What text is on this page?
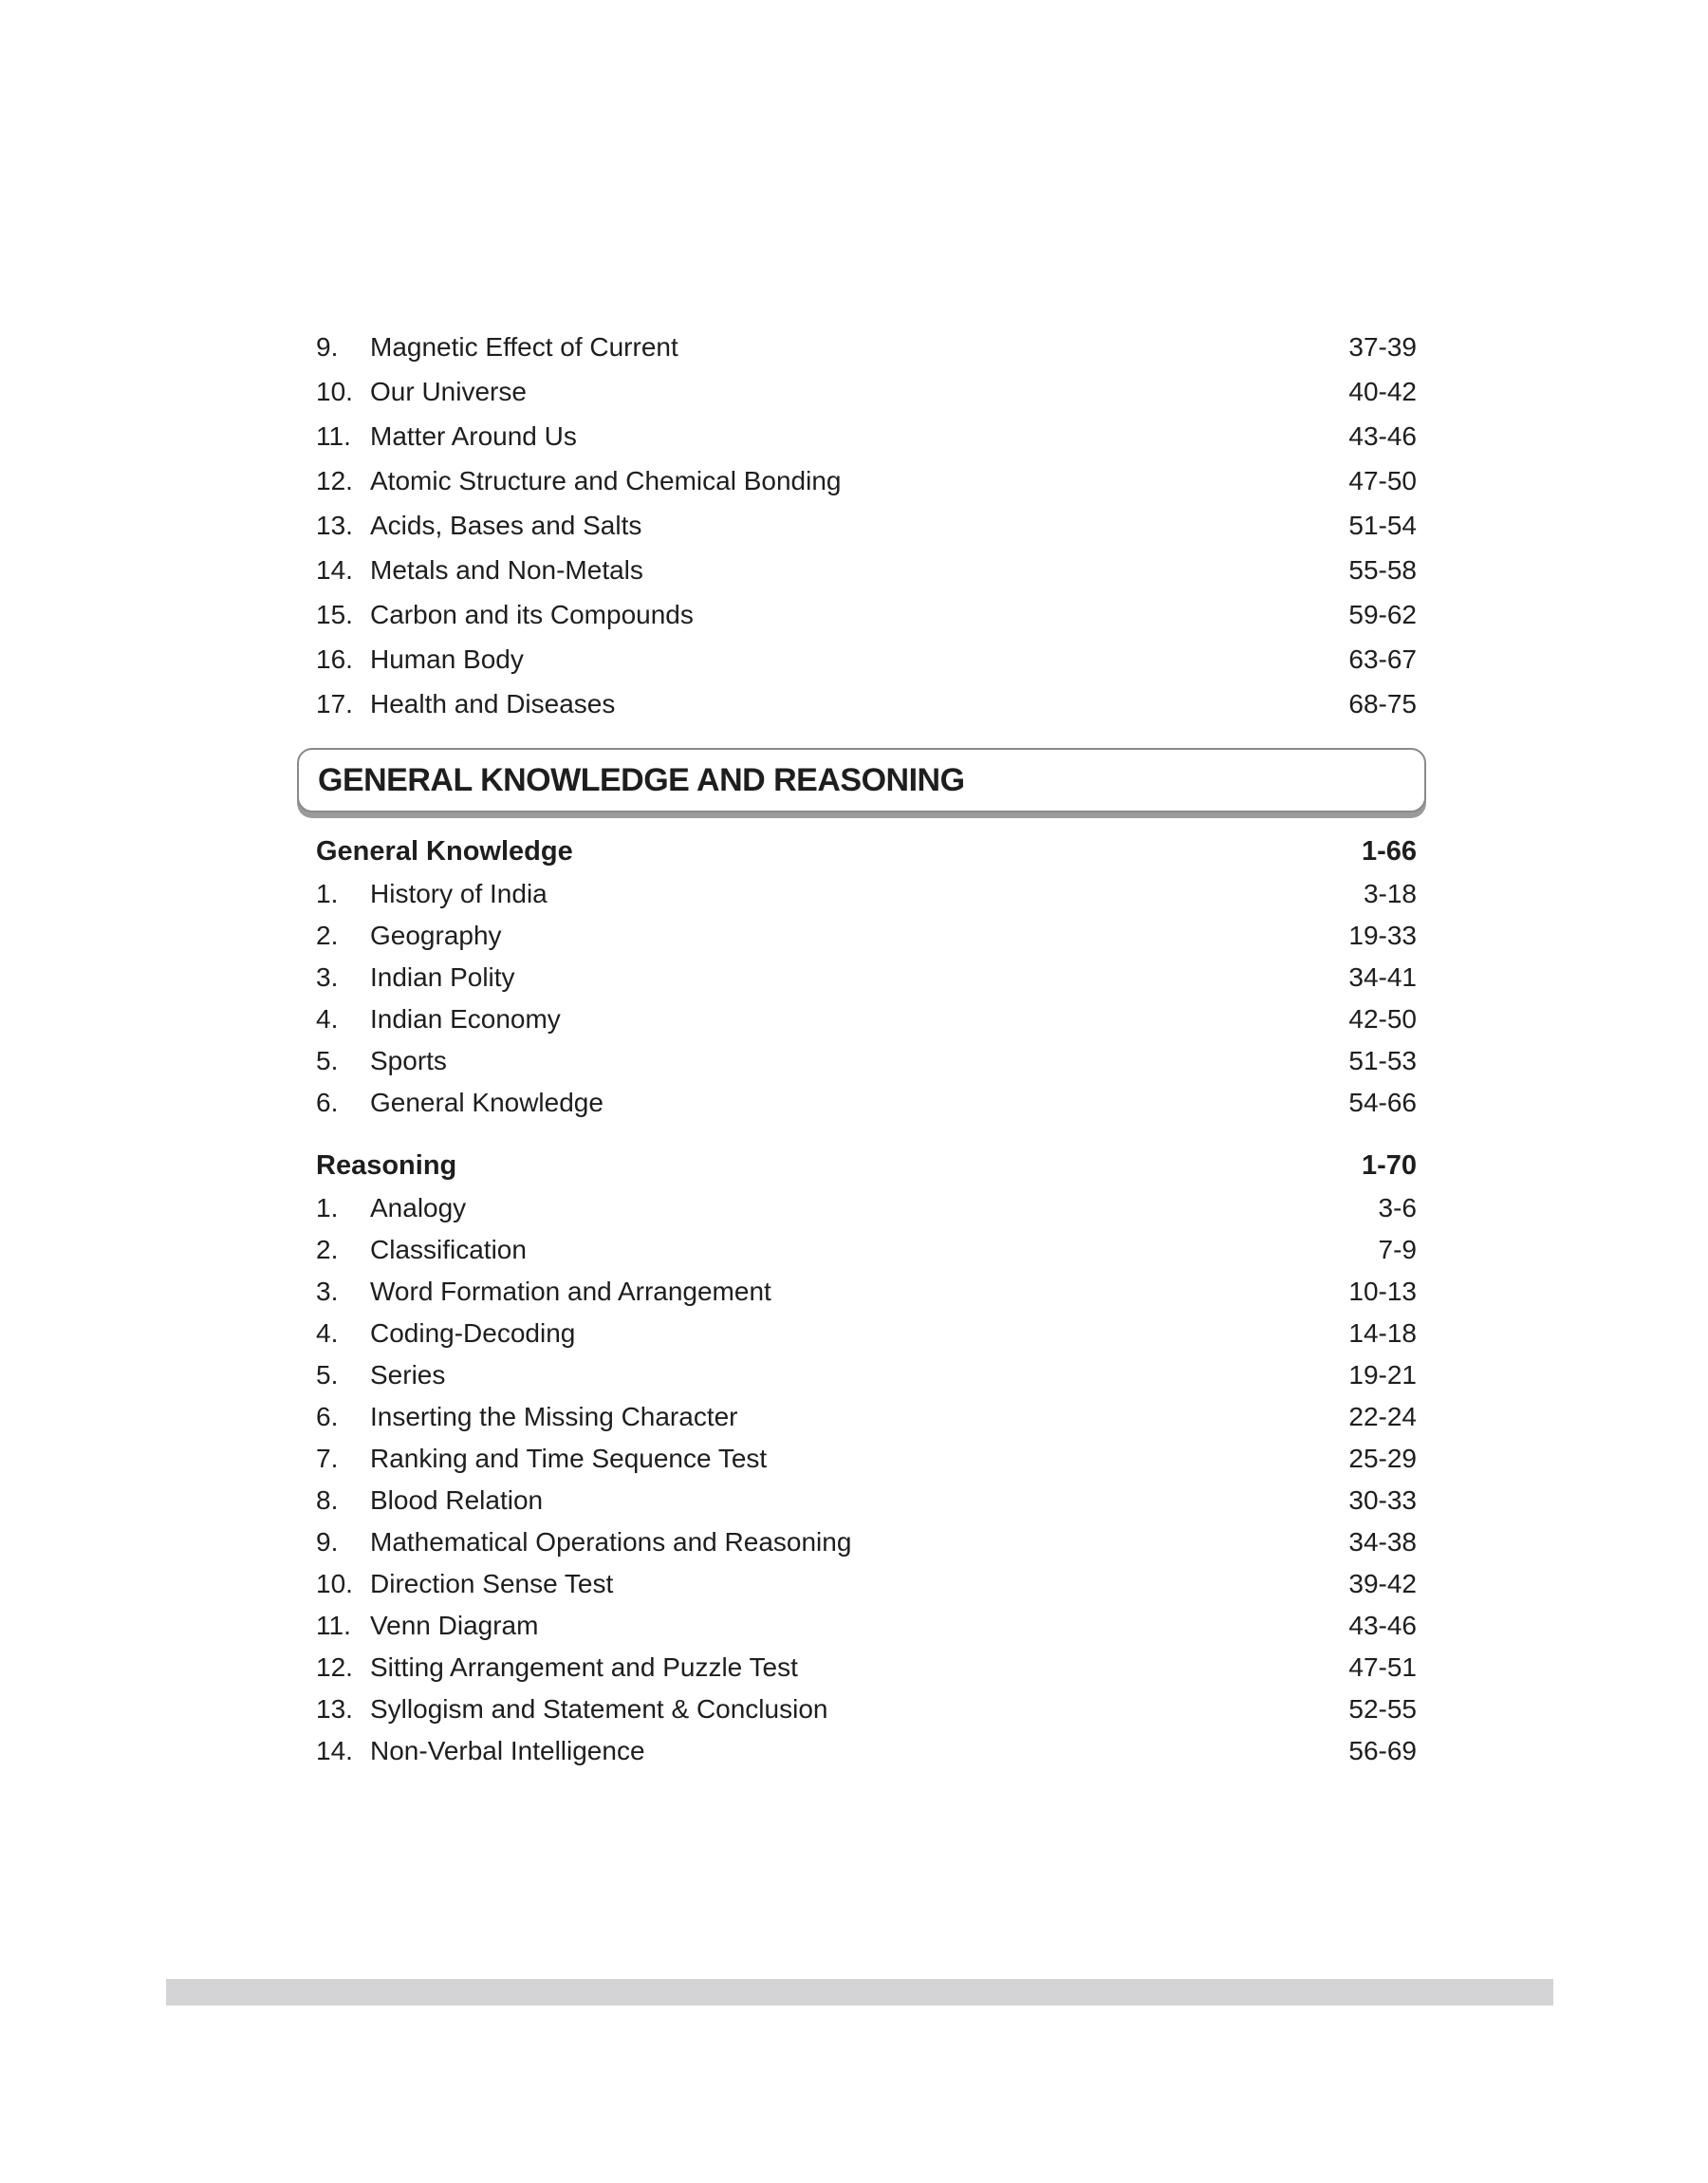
9. Magnetic Effect of Current	37-39
10. Our Universe	40-42
11. Matter Around Us	43-46
12. Atomic Structure and Chemical Bonding	47-50
13. Acids, Bases and Salts	51-54
14. Metals and Non-Metals	55-58
15. Carbon and its Compounds	59-62
16. Human Body	63-67
17. Health and Diseases	68-75
GENERAL KNOWLEDGE AND REASONING
General Knowledge	1-66
1. History of India	3-18
2. Geography	19-33
3. Indian Polity	34-41
4. Indian Economy	42-50
5. Sports	51-53
6. General Knowledge	54-66
Reasoning	1-70
1. Analogy	3-6
2. Classification	7-9
3. Word Formation and Arrangement	10-13
4. Coding-Decoding	14-18
5. Series	19-21
6. Inserting the Missing Character	22-24
7. Ranking and Time Sequence Test	25-29
8. Blood Relation	30-33
9. Mathematical Operations and Reasoning	34-38
10. Direction Sense Test	39-42
11. Venn Diagram	43-46
12. Sitting Arrangement and Puzzle Test	47-51
13. Syllogism and Statement & Conclusion	52-55
14. Non-Verbal Intelligence	56-69
